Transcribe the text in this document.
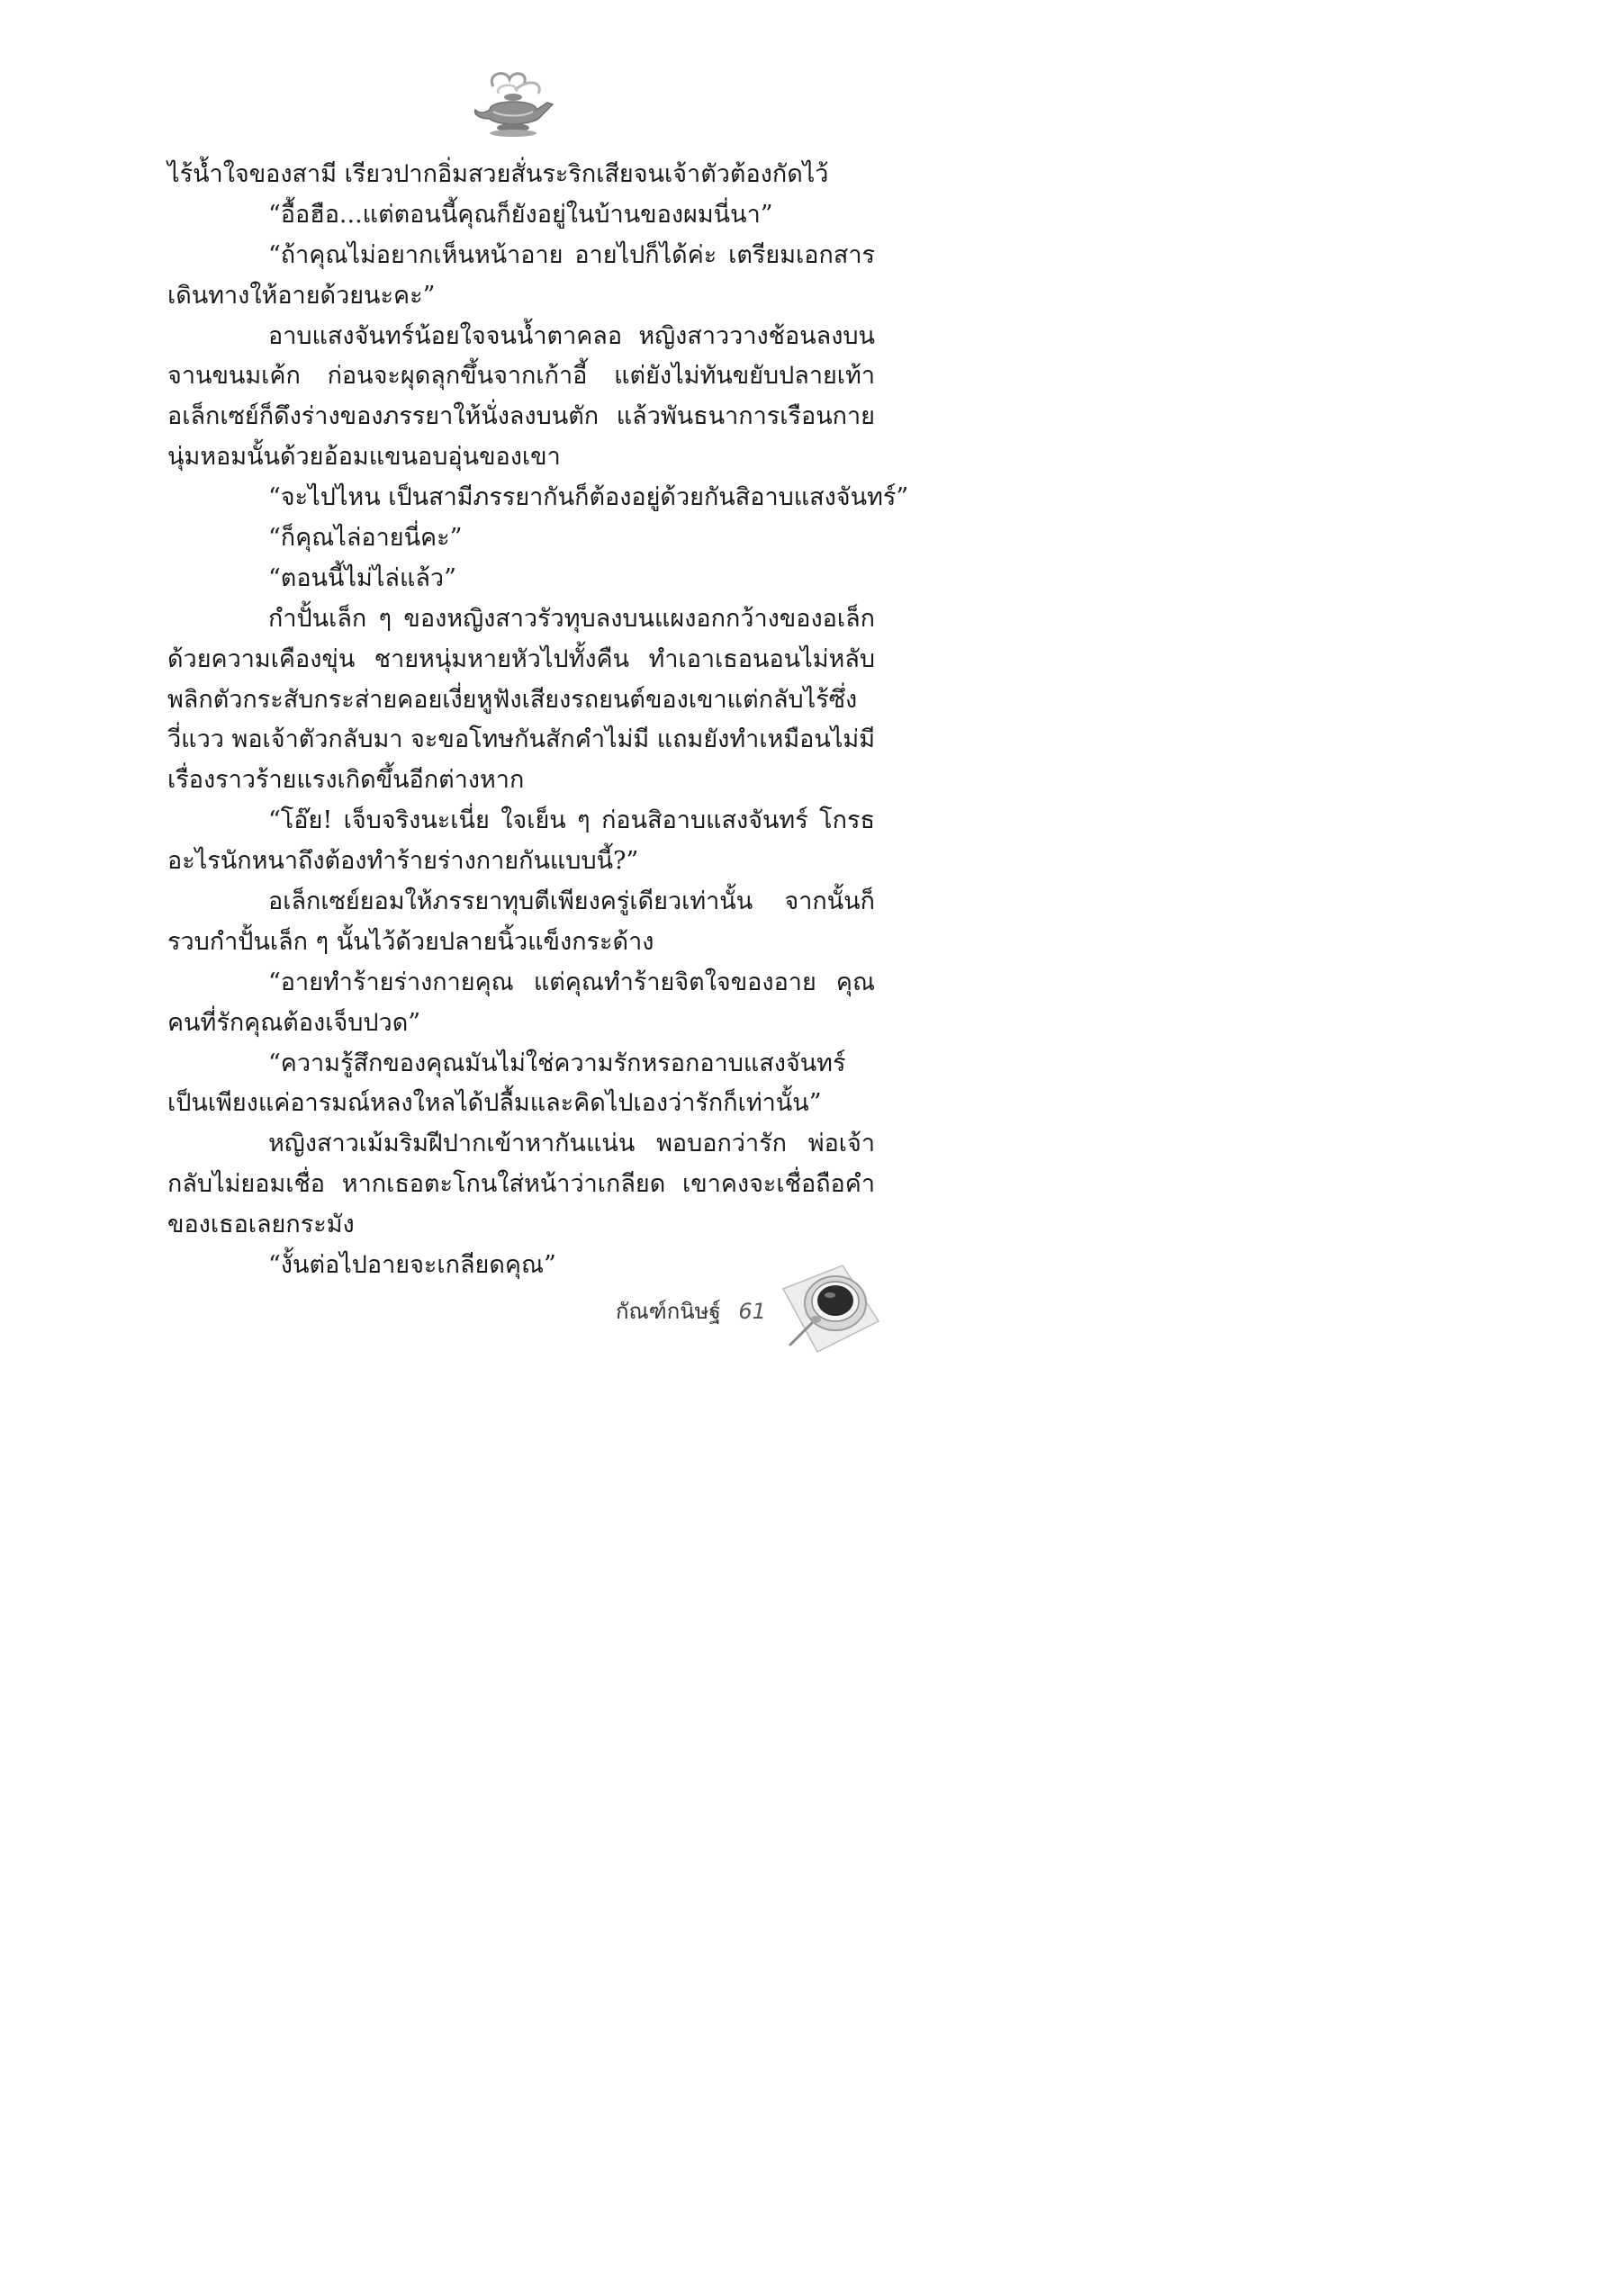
ไร้น้ำใจของสามี เรียวปากอิ่มสวยสั่นระริกเสียจนเจ้าตัวต้องกัดไว้
“อื้อฮือ...แต่ตอนนี้คุณก็ยังอยู่ในบ้านของผมนี่นา”
“ถ้าคุณไม่อยากเห็นหน้าอาย อายไปก็ได้ค่ะ เตรียมเอกสาร
เดินทางให้อายด้วยนะคะ”
อาบแสงจันทร์น้อยใจจนน้ำตาคลอ หญิงสาววางช้อนลงบน
จานขนมเค้ก ก่อนจะผุดลุกขึ้นจากเก้าอี้ แต่ยังไม่ทันขยับปลายเท้า
อเล็กเซย์ก็ดึงร่างของภรรยาให้นั่งลงบนตัก แล้วพันธนาการเรือนกาย
นุ่มหอมนั้นด้วยอ้อมแขนอบอุ่นของเขา
“จะไปไหน เป็นสามีภรรยากันก็ต้องอยู่ด้วยกันสิอาบแสงจันทร์”
“ก็คุณไล่อายนี่คะ”
“ตอนนี้ไม่ไล่แล้ว”
กำปั้นเล็ก ๆ ของหญิงสาวรัวทุบลงบนแผงอกกว้างของอเล็ก
ด้วยความเคืองขุ่น ชายหนุ่มหายหัวไปทั้งคืน ทำเอาเธอนอนไม่หลับ
พลิกตัวกระสับกระส่ายคอยเงี่ยหูฟังเสียงรถยนต์ของเขาแต่กลับไร้ซึ่ง
วี่แวว พอเจ้าตัวกลับมา จะขอโทษกันสักคำไม่มี แถมยังทำเหมือนไม่มี
เรื่องราวร้ายแรงเกิดขึ้นอีกต่างหาก
“โอ๊ย! เจ็บจริงนะเนี่ย ใจเย็น ๆ ก่อนสิอาบแสงจันทร์ โกรธ
อะไรนักหนาถึงต้องทำร้ายร่างกายกันแบบนี้?”
อเล็กเซย์ยอมให้ภรรยาทุบตีเพียงครู่เดียวเท่านั้น จากนั้นก็
รวบกำปั้นเล็ก ๆ นั้นไว้ด้วยปลายนิ้วแข็งกระด้าง
“อายทำร้ายร่างกายคุณ แต่คุณทำร้ายจิตใจของอาย คุณ
คนที่รักคุณต้องเจ็บปวด”
“ความรู้สึกของคุณมันไม่ใช่ความรักหรอกอาบแสงจันทร์
เป็นเพียงแค่อารมณ์หลงใหลได้ปลื้มและคิดไปเองว่ารักก็เท่านั้น”
หญิงสาวเม้มริมฝีปากเข้าหากันแน่น พอบอกว่ารัก พ่อเจ้า
กลับไม่ยอมเชื่อ หากเธอตะโกนใส่หน้าว่าเกลียด เขาคงจะเชื่อถือคำ
ของเธอเลยกระมัง
“งั้นต่อไปอายจะเกลียดคุณ”
กัณฑ์กนิษฐ์ 61
